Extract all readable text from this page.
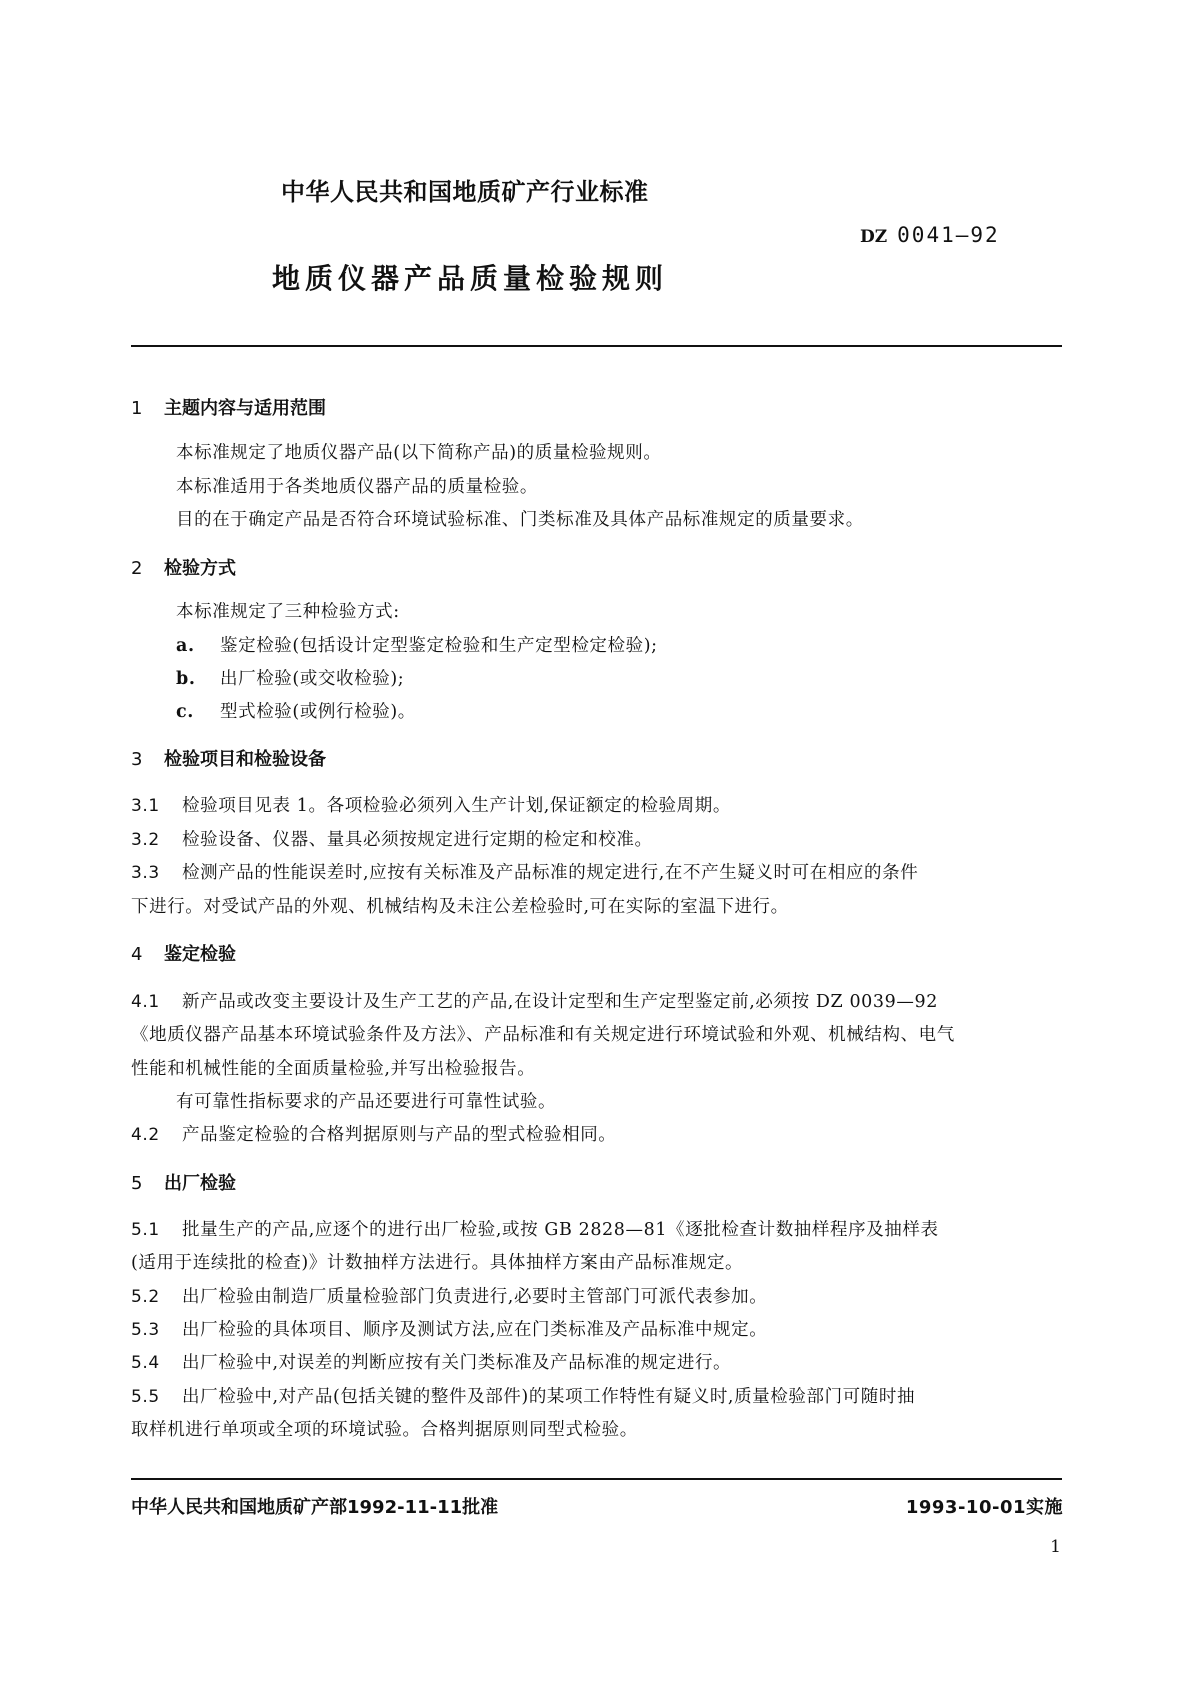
中华人民共和国地质矿产行业标准
DZ 0041—92
地质仪器产品质量检验规则
1 主题内容与适用范围
本标准规定了地质仪器产品(以下简称产品)的质量检验规则。
本标准适用于各类地质仪器产品的质量检验。
目的在于确定产品是否符合环境试验标准、门类标准及具体产品标准规定的质量要求。
2 检验方式
本标准规定了三种检验方式:
a. 鉴定检验(包括设计定型鉴定检验和生产定型检定检验);
b. 出厂检验(或交收检验);
c. 型式检验(或例行检验)。
3 检验项目和检验设备
3.1 检验项目见表 1。各项检验必须列入生产计划,保证额定的检验周期。
3.2 检验设备、仪器、量具必须按规定进行定期的检定和校准。
3.3 检测产品的性能误差时,应按有关标准及产品标准的规定进行,在不产生疑义时可在相应的条件
下进行。对受试产品的外观、机械结构及未注公差检验时,可在实际的室温下进行。
4 鉴定检验
4.1 新产品或改变主要设计及生产工艺的产品,在设计定型和生产定型鉴定前,必须按 DZ 0039—92
《地质仪器产品基本环境试验条件及方法》、产品标准和有关规定进行环境试验和外观、机械结构、电气
性能和机械性能的全面质量检验,并写出检验报告。
有可靠性指标要求的产品还要进行可靠性试验。
4.2 产品鉴定检验的合格判据原则与产品的型式检验相同。
5 出厂检验
5.1 批量生产的产品,应逐个的进行出厂检验,或按 GB 2828—81《逐批检查计数抽样程序及抽样表
(适用于连续批的检查)》计数抽样方法进行。具体抽样方案由产品标准规定。
5.2 出厂检验由制造厂质量检验部门负责进行,必要时主管部门可派代表参加。
5.3 出厂检验的具体项目、顺序及测试方法,应在门类标准及产品标准中规定。
5.4 出厂检验中,对误差的判断应按有关门类标准及产品标准的规定进行。
5.5 出厂检验中,对产品(包括关键的整件及部件)的某项工作特性有疑义时,质量检验部门可随时抽
取样机进行单项或全项的环境试验。合格判据原则同型式检验。
中华人民共和国地质矿产部1992-11-11批准	1993-10-01实施
1
